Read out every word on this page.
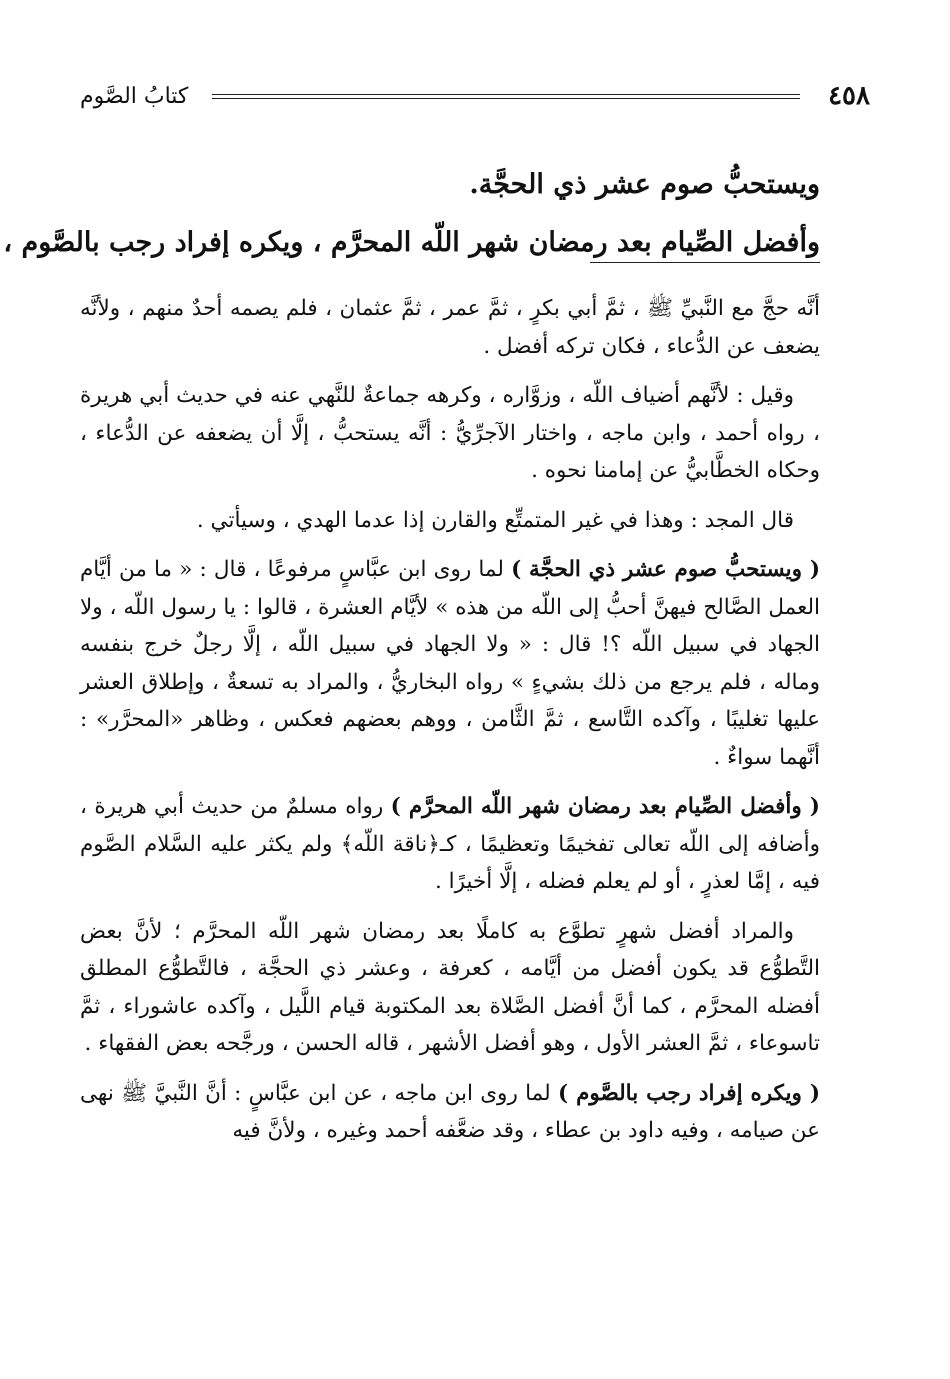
٤٥٨
كتابُ الصَّوم
ويستحبُّ صوم عشر ذي الحجَّة.
وأفضل الصِّيام بعد رمضان شهر اللّه المحرَّم ، ويكره إفراد رجب بالصَّوم ،

أنَّه حجَّ مع النَّبيِّ ﷺ ، ثمَّ أبي بكرٍ ، ثمَّ عمر ، ثمَّ عثمان ، فلم يصمه أحدٌ منهم ، ولأنَّه يضعف عن الدُّعاء ، فكان تركه أفضل .

وقيل : لأنَّهم أضياف اللّه ، وزوَّاره ، وكرهه جماعةٌ للنَّهي عنه في حديث أبي هريرة ، رواه أحمد ، وابن ماجه ، واختار الآجرِّيُّ : أنَّه يستحبُّ ، إلَّا أن يضعفه عن الدُّعاء ، وحكاه الخطَّابيُّ عن إمامنا نحوه .

قال المجد : وهذا في غير المتمتِّع والقارن إذا عدما الهدي ، وسيأتي .

( ويستحبُّ صوم عشر ذي الحجَّة ) لما روى ابن عبَّاسٍ مرفوعًا ، قال : « ما من أيَّام العمل الصَّالح فيهنَّ أحبُّ إلى اللّه من هذه » لأيَّام العشرة ، قالوا : يا رسول اللّه ، ولا الجهاد في سبيل اللّه ؟! قال : « ولا الجهاد في سبيل اللّه ، إلَّا رجلٌ خرج بنفسه وماله ، فلم يرجع من ذلك بشيءٍ » رواه البخاريُّ ، والمراد به تسعةٌ ، وإطلاق العشر عليها تغليبًا ، وآكده التَّاسع ، ثمَّ الثَّامن ، ووهم بعضهم فعكس ، وظاهر «المحرَّر» : أنَّهما سواءٌ .

( وأفضل الصِّيام بعد رمضان شهر اللّه المحرَّم ) رواه مسلمٌ من حديث أبي هريرة ، وأضافه إلى اللّه تعالى تفخيمًا وتعظيمًا ، كـ﴿ناقة اللّه﴾ ولم يكثر عليه السَّلام الصَّوم فيه ، إمَّا لعذرٍ ، أو لم يعلم فضله ، إلَّا أخيرًا .

والمراد أفضل شهرٍ تطوَّع به كاملًا بعد رمضان شهر اللّه المحرَّم ؛ لأنَّ بعض التَّطوُّع قد يكون أفضل من أيَّامه ، كعرفة ، وعشر ذي الحجَّة ، فالتَّطوُّع المطلق أفضله المحرَّم ، كما أنَّ أفضل الصَّلاة بعد المكتوبة قيام اللَّيل ، وآكده عاشوراء ، ثمَّ تاسوعاء ، ثمَّ العشر الأول ، وهو أفضل الأشهر ، قاله الحسن ، ورجَّحه بعض الفقهاء .

( ويكره إفراد رجب بالصَّوم ) لما روى ابن ماجه ، عن ابن عبَّاسٍ : أنَّ النَّبيَّ ﷺ نهى عن صيامه ، وفيه داود بن عطاء ، وقد ضعَّفه أحمد وغيره ، ولأنَّ فيه
